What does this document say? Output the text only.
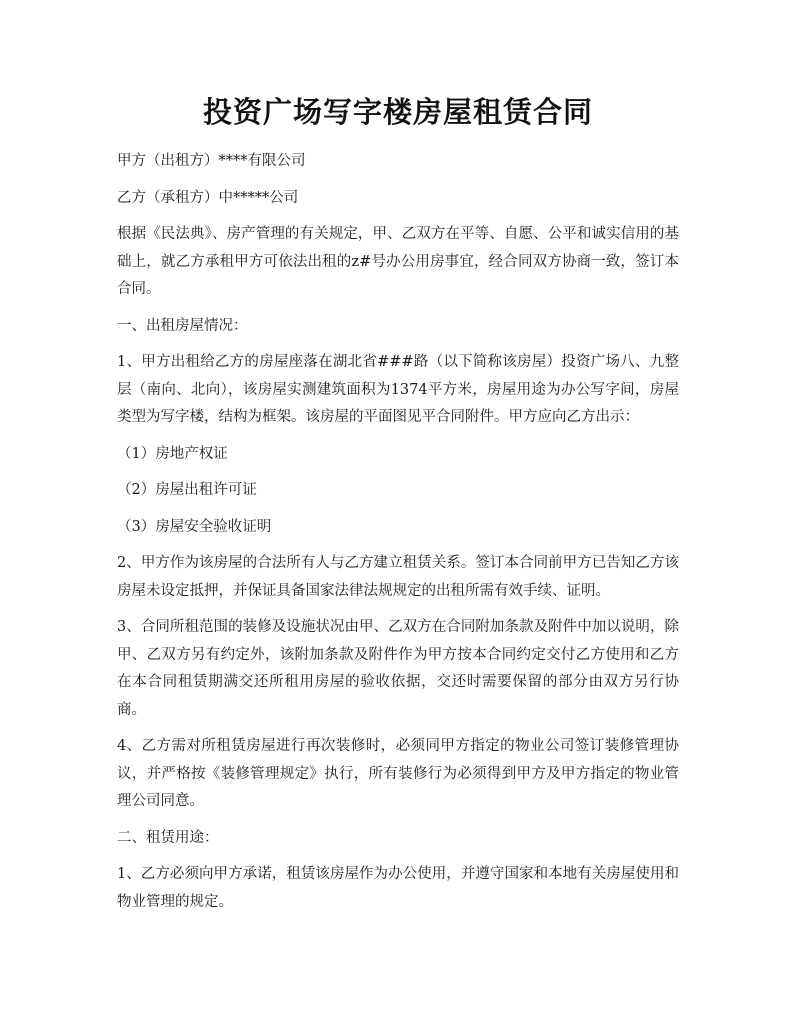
投资广场写字楼房屋租赁合同

甲方（出租方）****有限公司

乙方（承租方）中*****公司

根据《民法典》、房产管理的有关规定，甲、乙双方在平等、自愿、公平和诚实信用的基础上，就乙方承租甲方可依法出租的z#号办公用房事宜，经合同双方协商一致，签订本合同。

一、出租房屋情况：

1、甲方出租给乙方的房屋座落在湖北省###路（以下简称该房屋）投资广场八、九整层（南向、北向），该房屋实测建筑面积为1374平方米，房屋用途为办公写字间，房屋类型为写字楼，结构为框架。该房屋的平面图见平合同附件。甲方应向乙方出示：

（1）房地产权证

（2）房屋出租许可证

（3）房屋安全验收证明

2、甲方作为该房屋的合法所有人与乙方建立租赁关系。签订本合同前甲方已告知乙方该房屋未设定抵押，并保证具备国家法律法规规定的出租所需有效手续、证明。

3、合同所租范围的装修及设施状况由甲、乙双方在合同附加条款及附件中加以说明，除甲、乙双方另有约定外，该附加条款及附件作为甲方按本合同约定交付乙方使用和乙方在本合同租赁期满交还所租用房屋的验收依据，交还时需要保留的部分由双方另行协商。

4、乙方需对所租赁房屋进行再次装修时，必须同甲方指定的物业公司签订装修管理协议，并严格按《装修管理规定》执行，所有装修行为必须得到甲方及甲方指定的物业管理公司同意。

二、租赁用途：

1、乙方必须向甲方承诺，租赁该房屋作为办公使用，并遵守国家和本地有关房屋使用和物业管理的规定。
